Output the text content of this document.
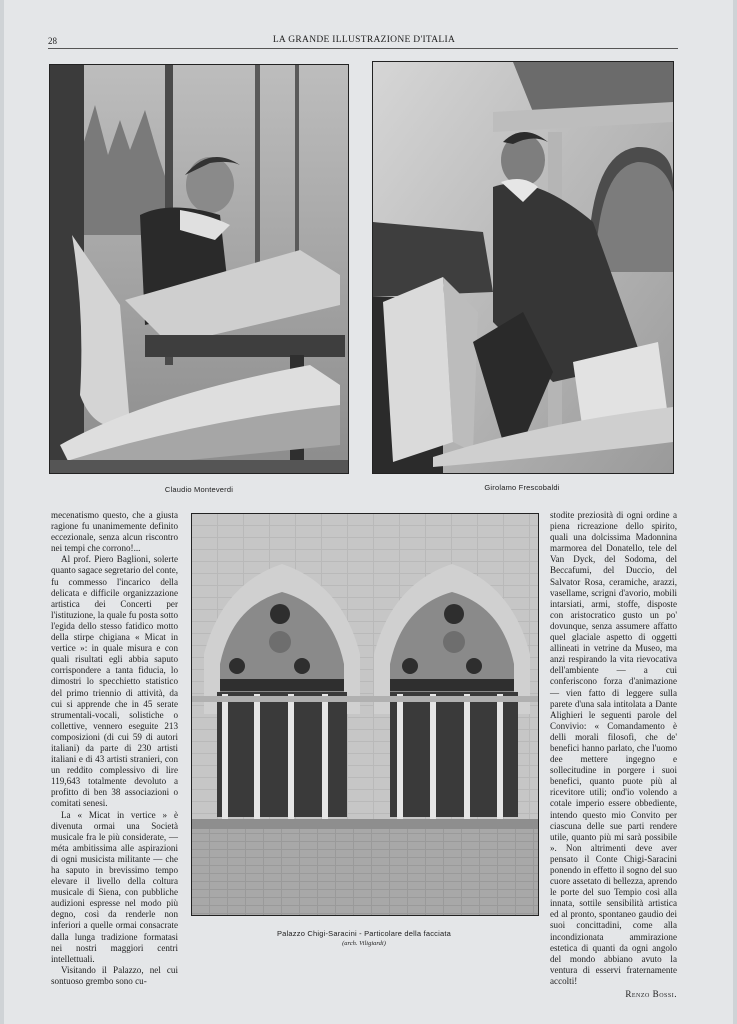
28	LA GRANDE ILLUSTRAZIONE D'ITALIA
Claudio Monteverdi	Girolamo Frescobaldi

mecenatismo questo, che a giusta ragione fu unanimemente definito eccezionale, senza alcun riscontro nei tempi che corrono!...

Al prof. Piero Baglioni, solerte quanto sagace segretario del conte, fu commesso l'incarico della delicata e difficile organizzazione artistica dei Concerti per l'istituzione, la quale fu posta sotto l'egida dello stesso fatidico motto della stirpe chigiana « Micat in vertice »: in quale misura e con quali risultati egli abbia saputo corrispondere a tanta fiducia, lo dimostri lo specchietto statistico del primo triennio di attività, da cui si apprende che in 45 serate strumentali-vocali, solistiche o collettive, vennero eseguite 213 composizioni (di cui 59 di autori italiani) da parte di 230 artisti italiani e di 43 artisti stranieri, con un reddito complessivo di lire 119,643 totalmente devoluto a profitto di ben 38 associazioni o comitati senesi.

La « Micat in vertice » è divenuta ormai una Società musicale fra le più considerate, — méta ambitissima alle aspirazioni di ogni musicista militante — che ha saputo in brevissimo tempo elevare il livello della coltura musicale di Siena, con pubbliche audizioni espresse nel modo più degno, così da renderle non inferiori a quelle ormai consacrate dalla lunga tradizione formatasi nei nostri maggiori centri intellettuali.

Visitando il Palazzo, nel cui sontuoso grembo sono cu-

Palazzo Chigi-Saracini - Particolare della facciata
(arch. Viligiardi)

stodite preziosità di ogni ordine a piena ricreazione dello spirito, quali una dolcissima Madonnina marmorea del Donatello, tele del Van Dyck, del Sodoma, del Beccafumi, del Duccio, del Salvator Rosa, ceramiche, arazzi, vasellame, scrigni d'avorio, mobili intarsiati, armi, stoffe, disposte con aristocratico gusto un po' dovunque, senza assumere affatto quel glaciale aspetto di oggetti allineati in vetrine da Museo, ma anzi respirando la vita rievocativa dell'ambiente — a cui conferiscono forza d'animazione — vien fatto di leggere sulla parete d'una sala intitolata a Dante Alighieri le seguenti parole del Convivio: « Comandamento è delli morali filosofi, che de' benefici hanno parlato, che l'uomo dee mettere ingegno e sollecitudine in porgere i suoi benefici, quanto puote più al ricevitore utili; ond'io volendo a cotale imperio essere obbedientе, intendo questo mio Convito per ciascuna delle sue parti rendere utile, quanto più mi sarà possibile ». Non altrimenti deve aver pensato il Conte Chigi-Saracini ponendo in effetto il sogno del suo cuore assetato di bellezza, aprendo le porte del suo Tempio così alla innata, sottile sensibilità artistica ed al pronto, spontaneo gaudio dei suoi concittadini, come alla incondizionata ammirazione estetica di quanti da ogni angolo del mondo abbiano avuto la ventura di esservi fraternamente accolti!

Renzo Bossi.
